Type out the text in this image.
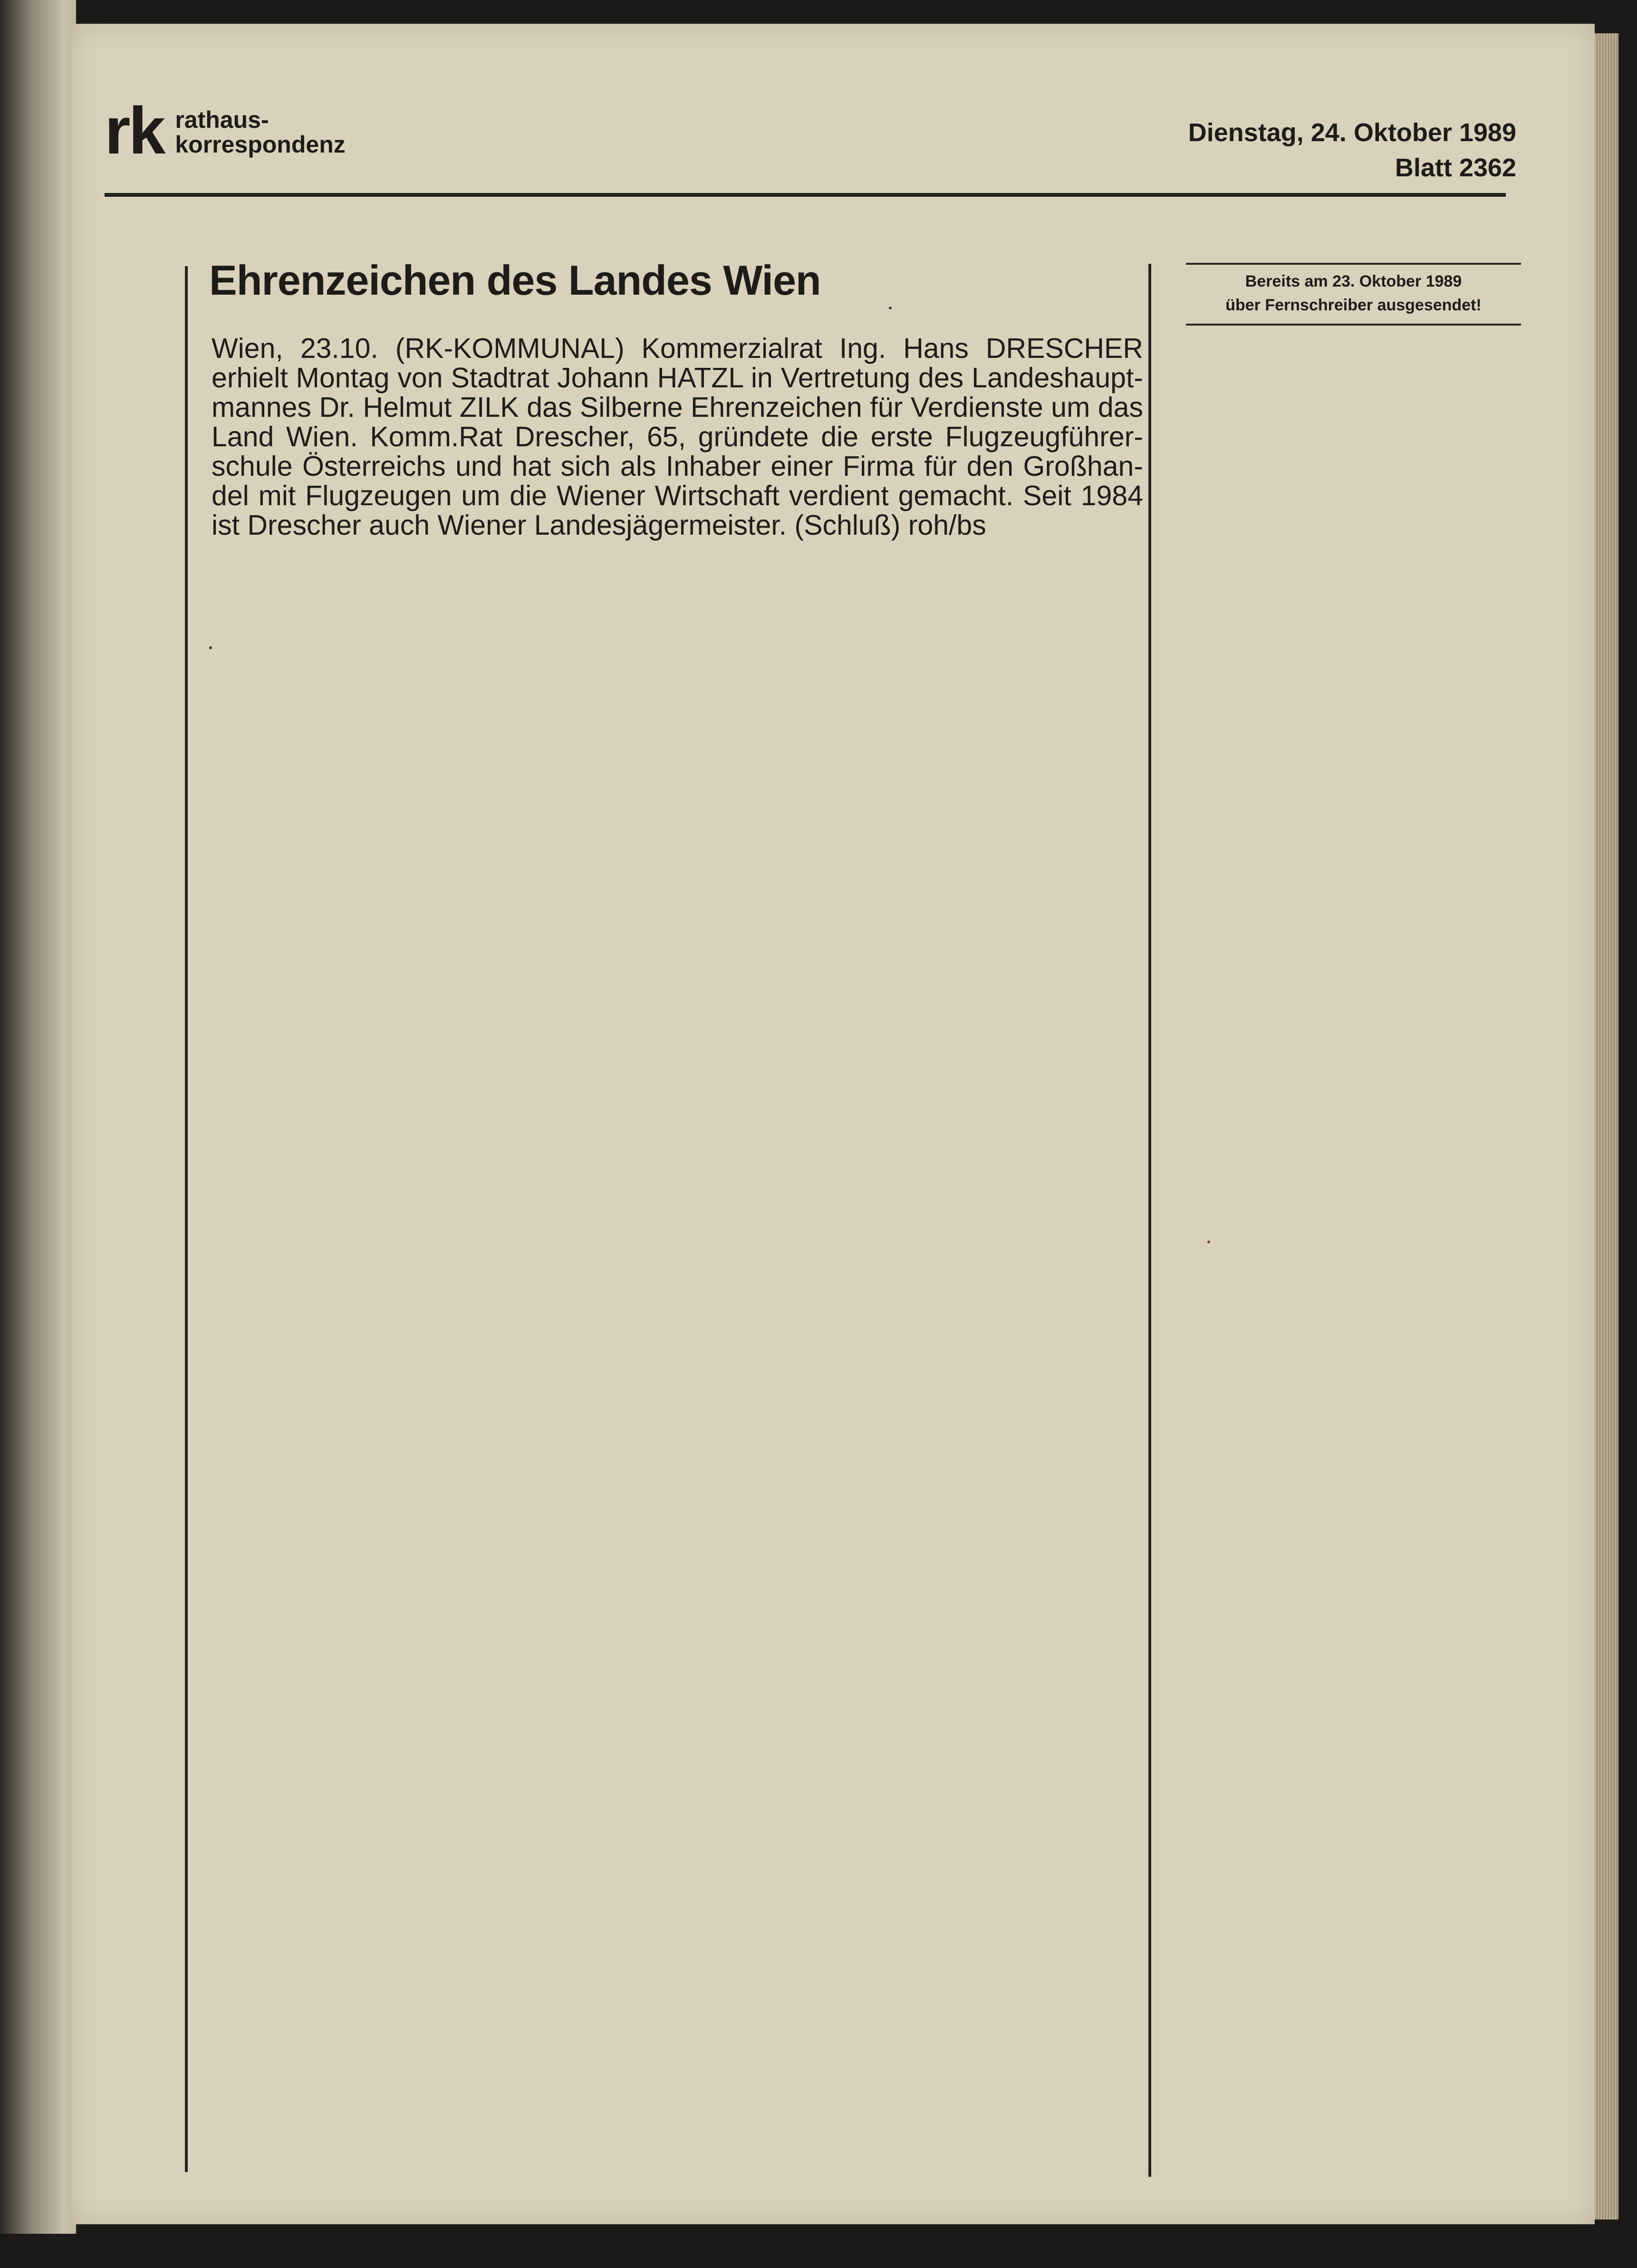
rk rathaus-
korrespondenz	Dienstag, 24. Oktober 1989
Blatt 2362
Ehrenzeichen des Landes Wien
Wien, 23.10. (RK-KOMMUNAL) Kommerzialrat Ing. Hans DRESCHER
erhielt Montag von Stadtrat Johann HATZL in Vertretung des Landeshaupt-
mannes Dr. Helmut ZILK das Silberne Ehrenzeichen für Verdienste um das
Land Wien. Komm.Rat Drescher, 65, gründete die erste Flugzeugführer-
schule Österreichs und hat sich als Inhaber einer Firma für den Großhan-
del mit Flugzeugen um die Wiener Wirtschaft verdient gemacht. Seit 1984
ist Drescher auch Wiener Landesjägermeister. (Schluß) roh/bs
Bereits am 23. Oktober 1989
über Fernschreiber ausgesendet!
